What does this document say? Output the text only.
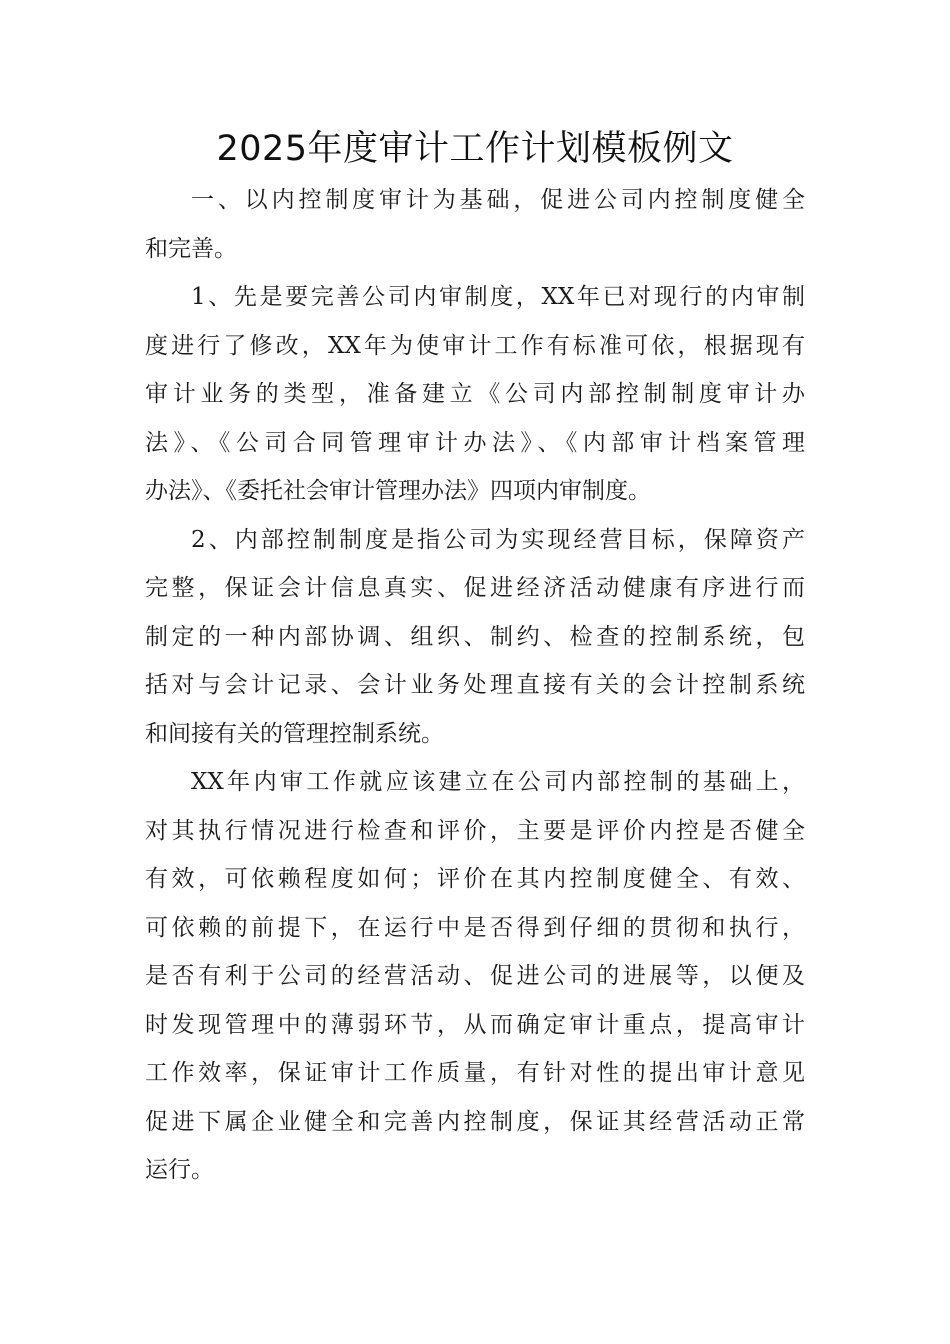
2025年度审计工作计划模板例文
一、以内控制度审计为基础，促进公司内控制度健全
和完善。
1、先是要完善公司内审制度，XX年已对现行的内审制
度进行了修改，XX年为使审计工作有标准可依，根据现有
审计业务的类型，准备建立《公司内部控制制度审计办
法》、《公司合同管理审计办法》、《内部审计档案管理
办法》、《委托社会审计管理办法》四项内审制度。
2、内部控制制度是指公司为实现经营目标，保障资产
完整，保证会计信息真实、促进经济活动健康有序进行而
制定的一种内部协调、组织、制约、检查的控制系统，包
括对与会计记录、会计业务处理直接有关的会计控制系统
和间接有关的管理控制系统。
XX年内审工作就应该建立在公司内部控制的基础上，
对其执行情况进行检查和评价，主要是评价内控是否健全
有效，可依赖程度如何；评价在其内控制度健全、有效、
可依赖的前提下，在运行中是否得到仔细的贯彻和执行，
是否有利于公司的经营活动、促进公司的进展等，以便及
时发现管理中的薄弱环节，从而确定审计重点，提高审计
工作效率，保证审计工作质量，有针对性的提出审计意见
促进下属企业健全和完善内控制度，保证其经营活动正常
运行。
